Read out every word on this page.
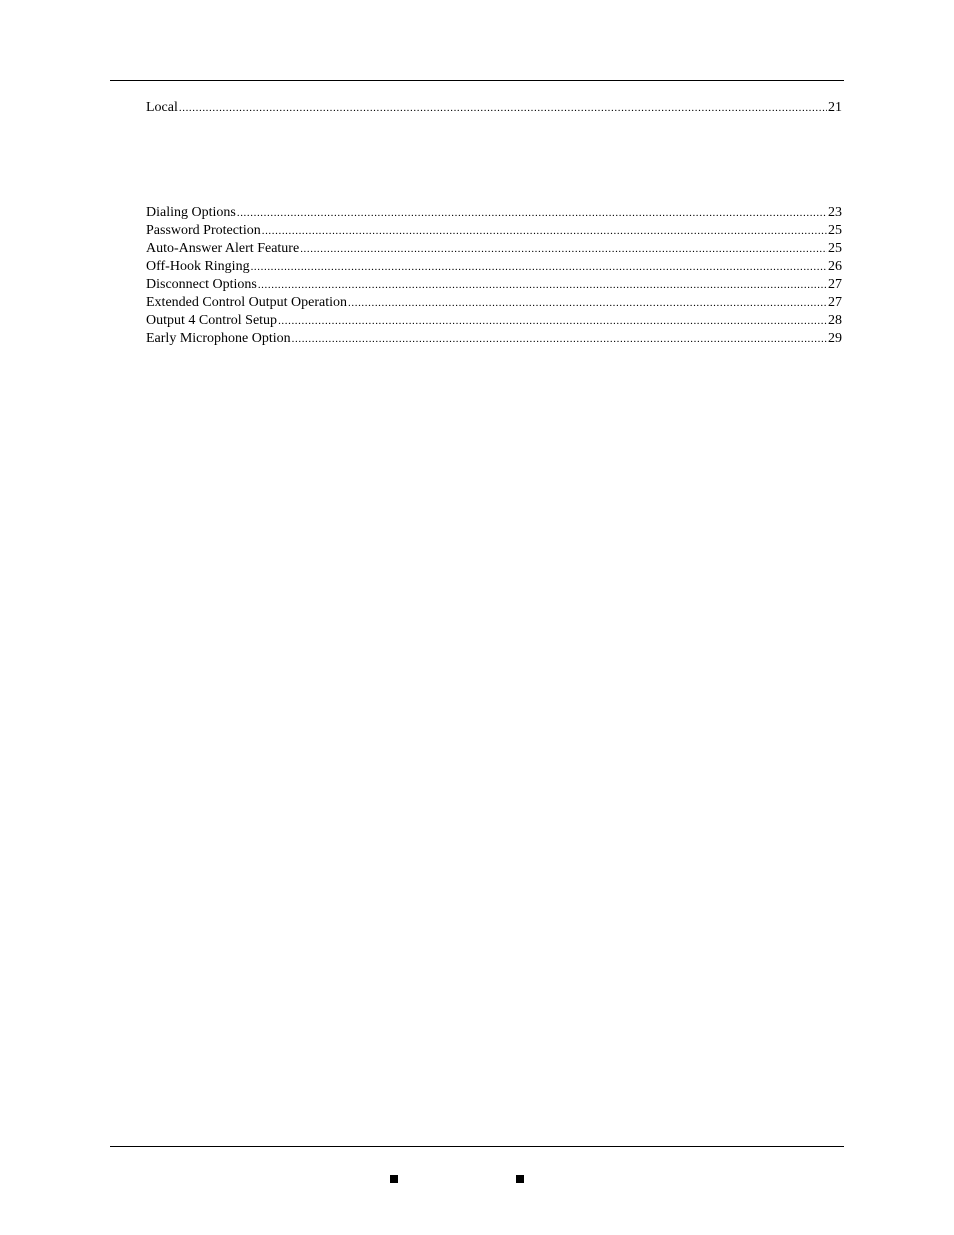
Local .....	21
Dialing Options .....	23
Password Protection .....	25
Auto-Answer Alert Feature .....	25
Off-Hook Ringing .....	26
Disconnect Options .....	27
Extended Control Output Operation .....	27
Output 4 Control Setup .....	28
Early Microphone Option .....	29
